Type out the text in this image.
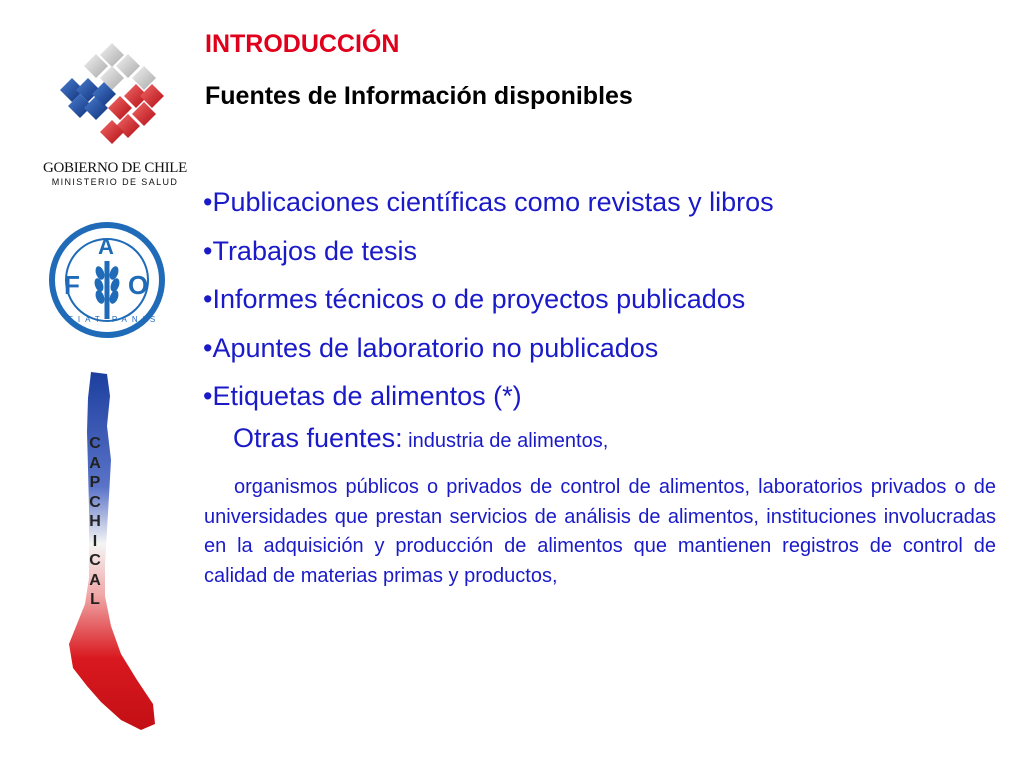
GOBIERNO DE CHILE
MINISTERIO DE SALUD
F
A
O
FIAT PANIS
C
A
P
C
H
I
C
A
L
INTRODUCCIÓN
Fuentes de Información disponibles
•Publicaciones científicas como revistas y libros
•Trabajos de tesis
•Informes técnicos o de proyectos publicados
•Apuntes de laboratorio no publicados
•Etiquetas de alimentos (*)
Otras fuentes: industria de alimentos,

organismos públicos o privados de control de alimentos, laboratorios privados o de universidades que prestan servicios de análisis de alimentos, instituciones involucradas en la adquisición y producción de alimentos que mantienen registros de control de calidad de materias primas y productos,
